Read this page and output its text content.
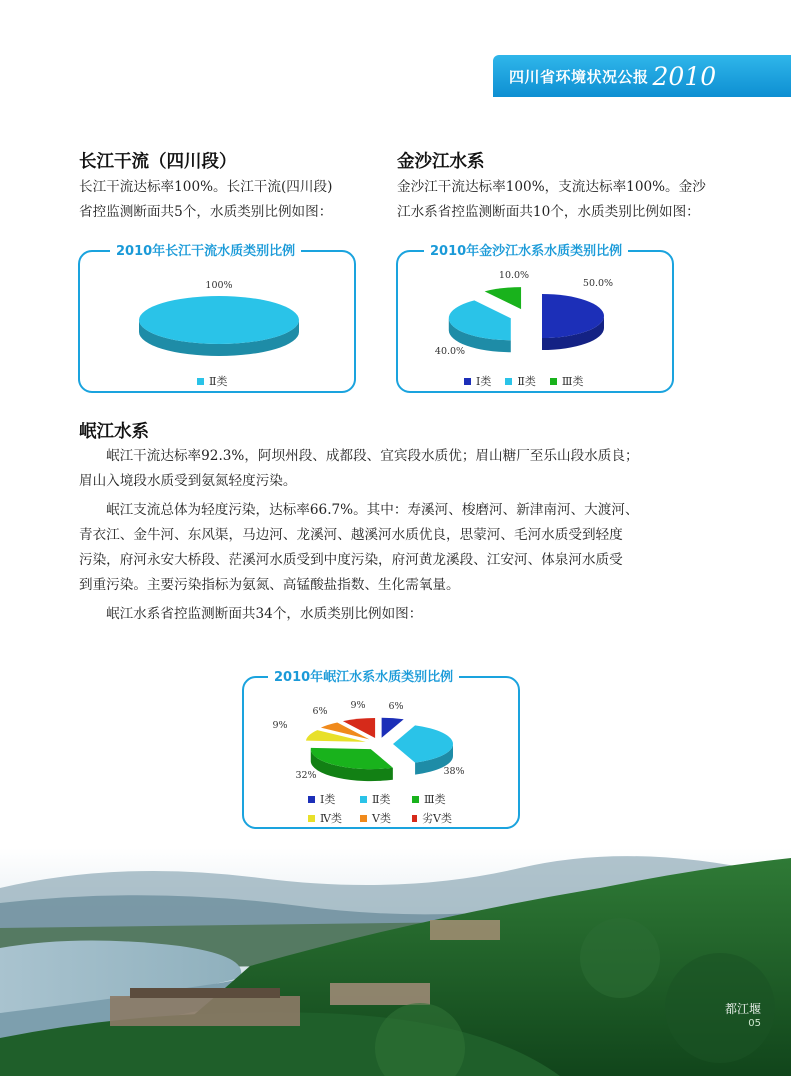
四川省环境状况公报 2010
长江干流（四川段）
长江干流达标率100%。长江干流(四川段)
省控监测断面共5个，水质类别比例如图：
金沙江水系
金沙江干流达标率100%，支流达标率100%。金沙
江水系省控监测断面共10个，水质类别比例如图：
2010年长江干流水质类别比例
100%
Ⅱ类
2010年金沙江水系水质类别比例
50.0%
40.0%
10.0%
Ⅰ类 Ⅱ类 Ⅲ类
岷江水系
岷江干流达标率92.3%，阿坝州段、成都段、宜宾段水质优；眉山糖厂至乐山段水质良；
眉山入境段水质受到氨氮轻度污染。
岷江支流总体为轻度污染，达标率66.7%。其中：寿溪河、梭磨河、新津南河、大渡河、
青衣江、金牛河、东风渠，马边河、龙溪河、越溪河水质优良，思蒙河、毛河水质受到轻度
污染，府河永安大桥段、茫溪河水质受到中度污染，府河黄龙溪段、江安河、体泉河水质受
到重污染。主要污染指标为氨氮、高锰酸盐指数、生化需氧量。
岷江水系省控监测断面共34个，水质类别比例如图：
2010年岷江水系水质类别比例
6%
38%
32%
9%
6%
9%
Ⅰ类	Ⅱ类	Ⅲ类
Ⅳ类	Ⅴ类	劣Ⅴ类
都江堰
05
